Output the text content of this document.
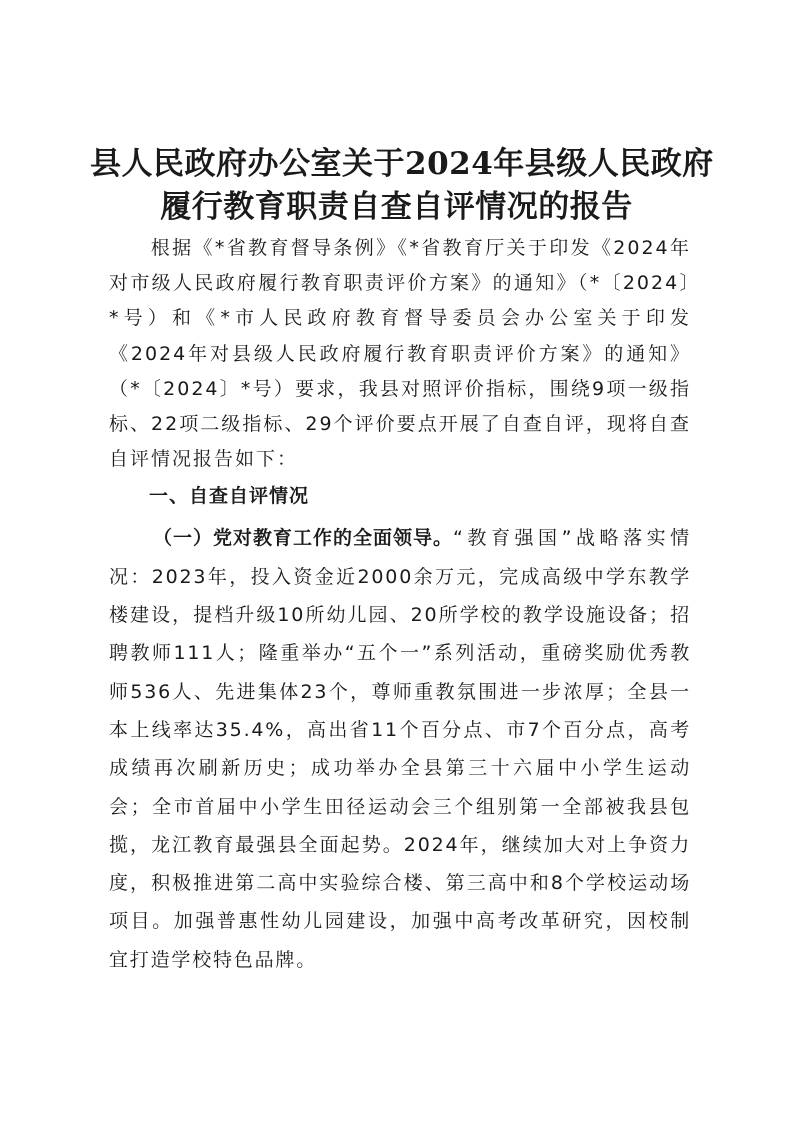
县人民政府办公室关于2024年县级人民政府
履行教育职责自查自评情况的报告

根据《*省教育督导条例》《*省教育厅关于印发《2024年对市级人民政府履行教育职责评价方案》的通知》（*〔2024〕*号）和《*市人民政府教育督导委员会办公室关于印发《2024年对县级人民政府履行教育职责评价方案》的通知》（*〔2024〕*号）要求，我县对照评价指标，围绕9项一级指标、22项二级指标、29个评价要点开展了自查自评，现将自查自评情况报告如下：

一、自查自评情况

（一）党对教育工作的全面领导。“教育强国”战略落实情况：2023年，投入资金近2000余万元，完成高级中学东教学楼建设，提档升级10所幼儿园、20所学校的教学设施设备；招聘教师111人；隆重举办“五个一”系列活动，重磅奖励优秀教师536人、先进集体23个，尊师重教氛围进一步浓厚；全县一本上线率达35.4%，高出省11个百分点、市7个百分点，高考成绩再次刷新历史；成功举办全县第三十六届中小学生运动会；全市首届中小学生田径运动会三个组别第一全部被我县包揽，龙江教育最强县全面起势。2024年，继续加大对上争资力度，积极推进第二高中实验综合楼、第三高中和8个学校运动场项目。加强普惠性幼儿园建设，加强中高考改革研究，因校制宜打造学校特色品牌。
